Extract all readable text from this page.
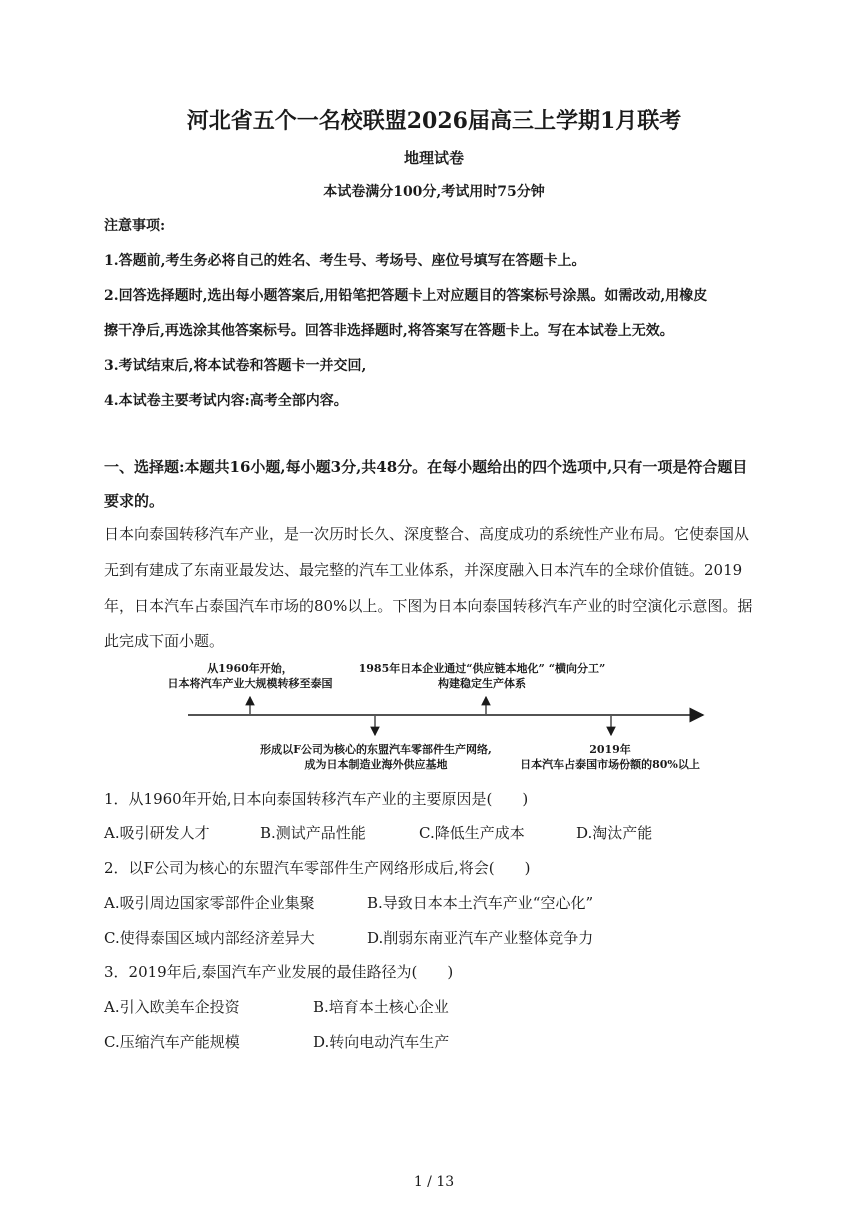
河北省五个一名校联盟2026届高三上学期1月联考
地理试卷
本试卷满分100分,考试用时75分钟
注意事项:
1.答题前,考生务必将自己的姓名、考生号、考场号、座位号填写在答题卡上。
2.回答选择题时,选出每小题答案后,用铅笔把答题卡上对应题目的答案标号涂黑。如需改动,用橡皮
擦干净后,再选涂其他答案标号。回答非选择题时,将答案写在答题卡上。写在本试卷上无效。
3.考试结束后,将本试卷和答题卡一并交回,
4.本试卷主要考试内容:高考全部内容。
一、选择题:本题共16小题,每小题3分,共48分。在每小题给出的四个选项中,只有一项是符合题目
要求的。
日本向泰国转移汽车产业，是一次历时长久、深度整合、高度成功的系统性产业布局。它使泰国从
无到有建成了东南亚最发达、最完整的汽车工业体系，并深度融入日本汽车的全球价值链。2019
年，日本汽车占泰国汽车市场的80%以上。下图为日本向泰国转移汽车产业的时空演化示意图。据
此完成下面小题。
从1960年开始，
日本将汽车产业大规模转移至泰国
1985年日本企业通过“供应链本地化” “横向分工”
构建稳定生产体系
形成以F公司为核心的东盟汽车零部件生产网络,
成为日本制造业海外供应基地
2019年
日本汽车占泰国市场份额的80%以上
1．从1960年开始,日本向泰国转移汽车产业的主要原因是(　　)
A.吸引研发人才	B.测试产品性能	C.降低生产成本	D.淘汰产能
2．以F公司为核心的东盟汽车零部件生产网络形成后,将会(　　)
A.吸引周边国家零部件企业集聚	B.导致日本本土汽车产业“空心化”
C.使得泰国区域内部经济差异大	D.削弱东南亚汽车产业整体竞争力
3．2019年后,泰国汽车产业发展的最佳路径为(　　)
A.引入欧美车企投资	B.培育本土核心企业
C.压缩汽车产能规模	D.转向电动汽车生产
1 / 13
